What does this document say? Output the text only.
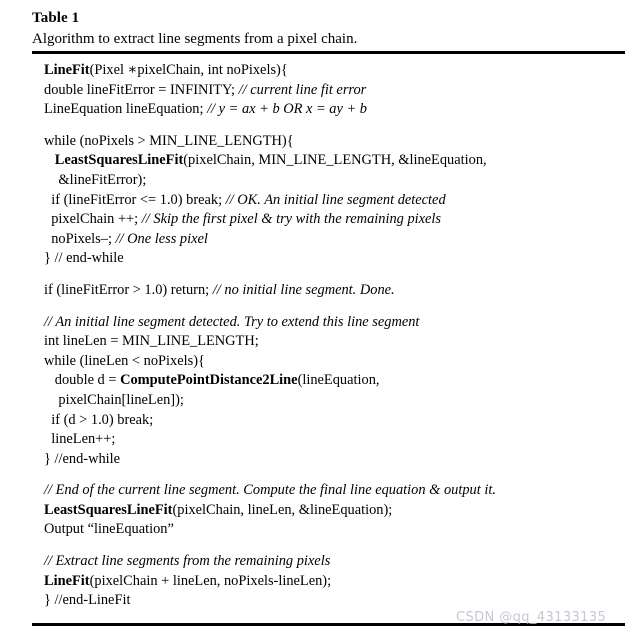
Table 1
Algorithm to extract line segments from a pixel chain.
LineFit(Pixel ∗pixelChain, int noPixels){
double lineFitError = INFINITY; // current line fit error
LineEquation lineEquation; // y = ax + b OR x = ay + b
while (noPixels > MIN_LINE_LENGTH){
LeastSquaresLineFit(pixelChain, MIN_LINE_LENGTH, &lineEquation,
&lineFitError);
if (lineFitError <= 1.0) break; // OK. An initial line segment detected
pixelChain ++; // Skip the first pixel & try with the remaining pixels
noPixels–; // One less pixel
} // end-while
if (lineFitError > 1.0) return; // no initial line segment. Done.
// An initial line segment detected. Try to extend this line segment
int lineLen = MIN_LINE_LENGTH;
while (lineLen < noPixels){
double d = ComputePointDistance2Line(lineEquation,
pixelChain[lineLen]);
if (d > 1.0) break;
lineLen++;
} //end-while
// End of the current line segment. Compute the final line equation & output it.
LeastSquaresLineFit(pixelChain, lineLen, &lineEquation);
Output “lineEquation”
// Extract line segments from the remaining pixels
LineFit(pixelChain + lineLen, noPixels-lineLen);
} //end-LineFit
CSDN @qq_43133135
